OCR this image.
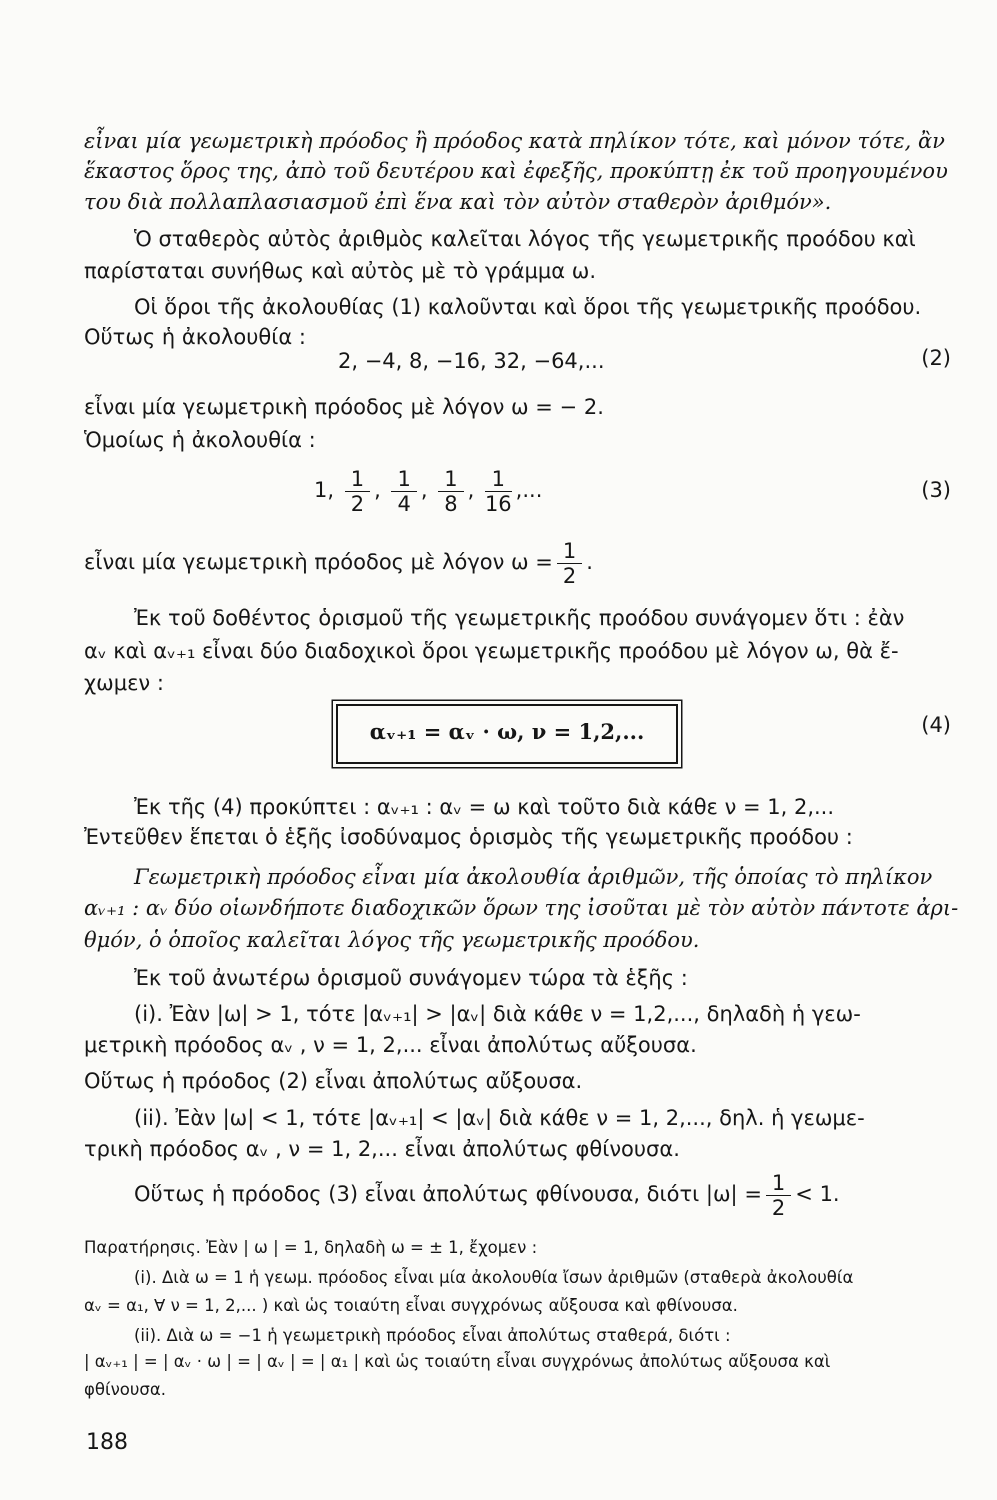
εἶναι μία γεωμετρικὴ πρόοδος ἢ πρόοδος κατὰ πηλίκον τότε, καὶ μόνον τότε, ἂν
ἕκαστος ὅρος της, ἀπὸ τοῦ δευτέρου καὶ ἐφεξῆς, προκύπτῃ ἐκ τοῦ προηγουμένου
του διὰ πολλαπλασιασμοῦ ἐπὶ ἕνα καὶ τὸν αὐτὸν σταθερὸν ἀριθμόν».
Ὁ σταθερὸς αὐτὸς ἀριθμὸς καλεῖται λόγος τῆς γεωμετρικῆς προόδου καὶ
παρίσταται συνήθως καὶ αὐτὸς μὲ τὸ γράμμα ω.
Οἱ ὅροι τῆς ἀκολουθίας (1) καλοῦνται καὶ ὅροι τῆς γεωμετρικῆς προόδου.
Οὕτως ἡ ἀκολουθία :
2, −4, 8, −16, 32, −64,...	(2)
εἶναι μία γεωμετρικὴ πρόοδος μὲ λόγον ω = − 2.
Ὁμοίως ἡ ἀκολουθία :
1, $\frac{1}{2}$ , $\frac{1}{4}$ , $\frac{1}{8}$ , $\frac{1}{16}$ ,...	(3)
εἶναι μία γεωμετρικὴ πρόοδος μὲ λόγον $\omega = \frac{1}{2}$ .
Ἐκ τοῦ δοθέντος ὁρισμοῦ τῆς γεωμετρικῆς προόδου συνάγομεν ὅτι : ἐὰν
αᵥ καὶ αᵥ₊₁ εἶναι δύο διαδοχικοὶ ὅροι γεωμετρικῆς προόδου μὲ λόγον ω, θὰ ἔ-
χωμεν :
αᵥ₊₁ = αᵥ · ω, ν = 1,2,...	(4)
Ἐκ τῆς (4) προκύπτει : αᵥ₊₁ : αᵥ = ω καὶ τοῦτο διὰ κάθε ν = 1, 2,...
Ἐντεῦθεν ἕπεται ὁ ἑξῆς ἰσοδύναμος ὁρισμὸς τῆς γεωμετρικῆς προόδου :
Γεωμετρικὴ πρόοδος εἶναι μία ἀκολουθία ἀριθμῶν, τῆς ὁποίας τὸ πηλίκον
αᵥ₊₁ : αᵥ δύο οἱωνδήποτε διαδοχικῶν ὅρων της ἰσοῦται μὲ τὸν αὐτὸν πάντοτε ἀρι-
θμόν, ὁ ὁποῖος καλεῖται λόγος τῆς γεωμετρικῆς προόδου.
Ἐκ τοῦ ἀνωτέρω ὁρισμοῦ συνάγομεν τώρα τὰ ἑξῆς :
(i). Ἐὰν |ω| > 1, τότε |αᵥ₊₁| > |αᵥ| διὰ κάθε ν = 1,2,..., δηλαδὴ ἡ γεω-
μετρικὴ πρόοδος αᵥ , ν = 1, 2,... εἶναι ἀπολύτως αὔξουσα.
Οὕτως ἡ πρόοδος (2) εἶναι ἀπολύτως αὔξουσα.
(ii). Ἐὰν |ω| < 1, τότε |αᵥ₊₁| < |αᵥ| διὰ κάθε ν = 1, 2,..., δηλ. ἡ γεωμε-
τρικὴ πρόοδος αᵥ , ν = 1, 2,... εἶναι ἀπολύτως φθίνουσα.
Οὕτως ἡ πρόοδος (3) εἶναι ἀπολύτως φθίνουσα, διότι $|\omega| = \frac{1}{2} < 1$.
Παρατήρησις. Ἐὰν | ω | = 1, δηλαδὴ ω = ± 1, ἔχομεν :
(i). Διὰ ω = 1 ἡ γεωμ. πρόοδος εἶναι μία ἀκολουθία ἴσων ἀριθμῶν (σταθερὰ ἀκολουθία
αᵥ = α₁, ∀ ν = 1, 2,... ) καὶ ὡς τοιαύτη εἶναι συγχρόνως αὔξουσα καὶ φθίνουσα.
(ii). Διὰ ω = −1 ἡ γεωμετρικὴ πρόοδος εἶναι ἀπολύτως σταθερά, διότι :
| αᵥ₊₁ | = | αᵥ · ω | = | αᵥ | = | α₁ | καὶ ὡς τοιαύτη εἶναι συγχρόνως ἀπολύτως αὔξουσα καὶ
φθίνουσα.
188
